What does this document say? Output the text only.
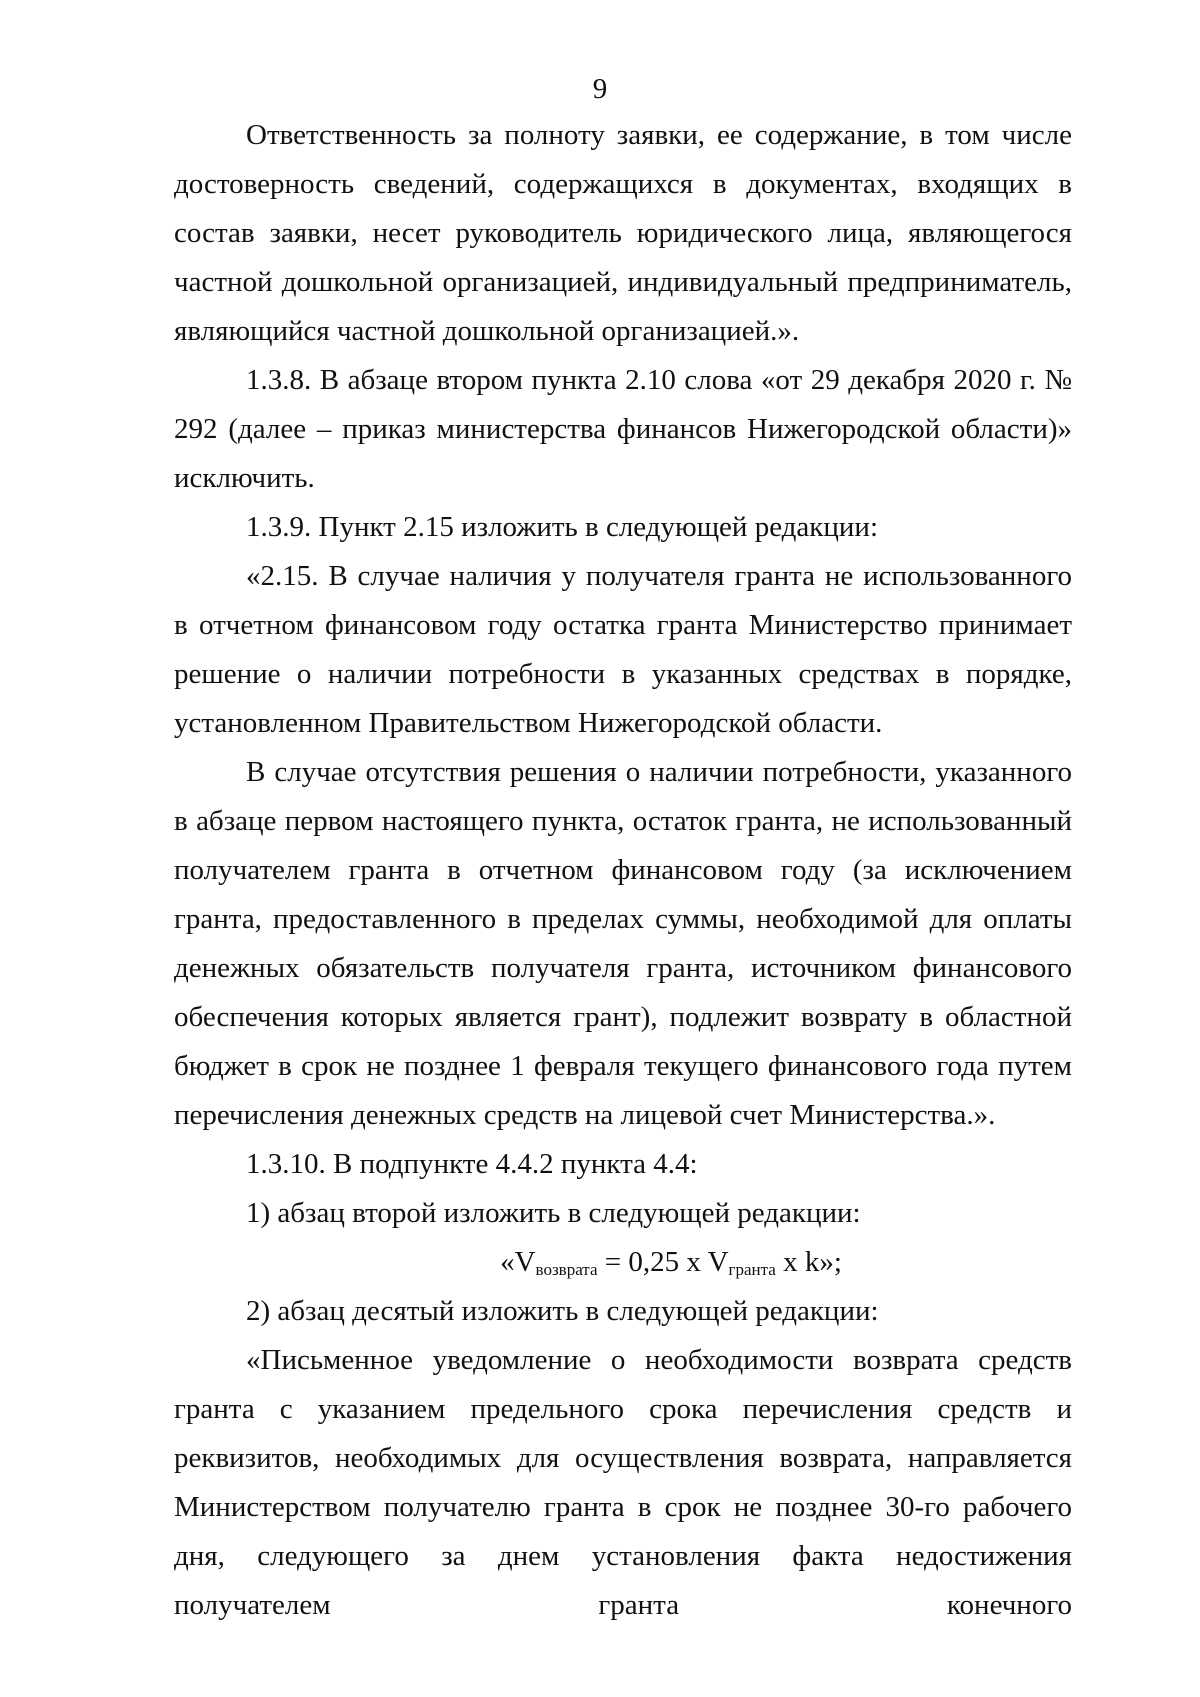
9

Ответственность за полноту заявки, ее содержание, в том числе достоверность сведений, содержащихся в документах, входящих в состав заявки, несет руководитель юридического лица, являющегося частной дошкольной организацией, индивидуальный предприниматель, являющийся частной дошкольной организацией.».

1.3.8. В абзаце втором пункта 2.10 слова «от 29 декабря 2020 г. № 292 (далее – приказ министерства финансов Нижегородской области)» исключить.

1.3.9. Пункт 2.15 изложить в следующей редакции:

«2.15. В случае наличия у получателя гранта не использованного в отчетном финансовом году остатка гранта Министерство принимает решение о наличии потребности в указанных средствах в порядке, установленном Правительством Нижегородской области.

В случае отсутствия решения о наличии потребности, указанного в абзаце первом настоящего пункта, остаток гранта, не использованный получателем гранта в отчетном финансовом году (за исключением гранта, предоставленного в пределах суммы, необходимой для оплаты денежных обязательств получателя гранта, источником финансового обеспечения которых является грант), подлежит возврату в областной бюджет в срок не позднее 1 февраля текущего финансового года путем перечисления денежных средств на лицевой счет Министерства.».

1.3.10. В подпункте 4.4.2 пункта 4.4:

1) абзац второй изложить в следующей редакции:

«$V_{возврата} = 0,25$ x $V_{гранта}$ x k»;

2) абзац десятый изложить в следующей редакции:

«Письменное уведомление о необходимости возврата средств гранта с указанием предельного срока перечисления средств и реквизитов, необходимых для осуществления возврата, направляется Министерством получателю гранта в срок не позднее 30-го рабочего дня, следующего за днем установления факта недостижения получателем гранта конечного
